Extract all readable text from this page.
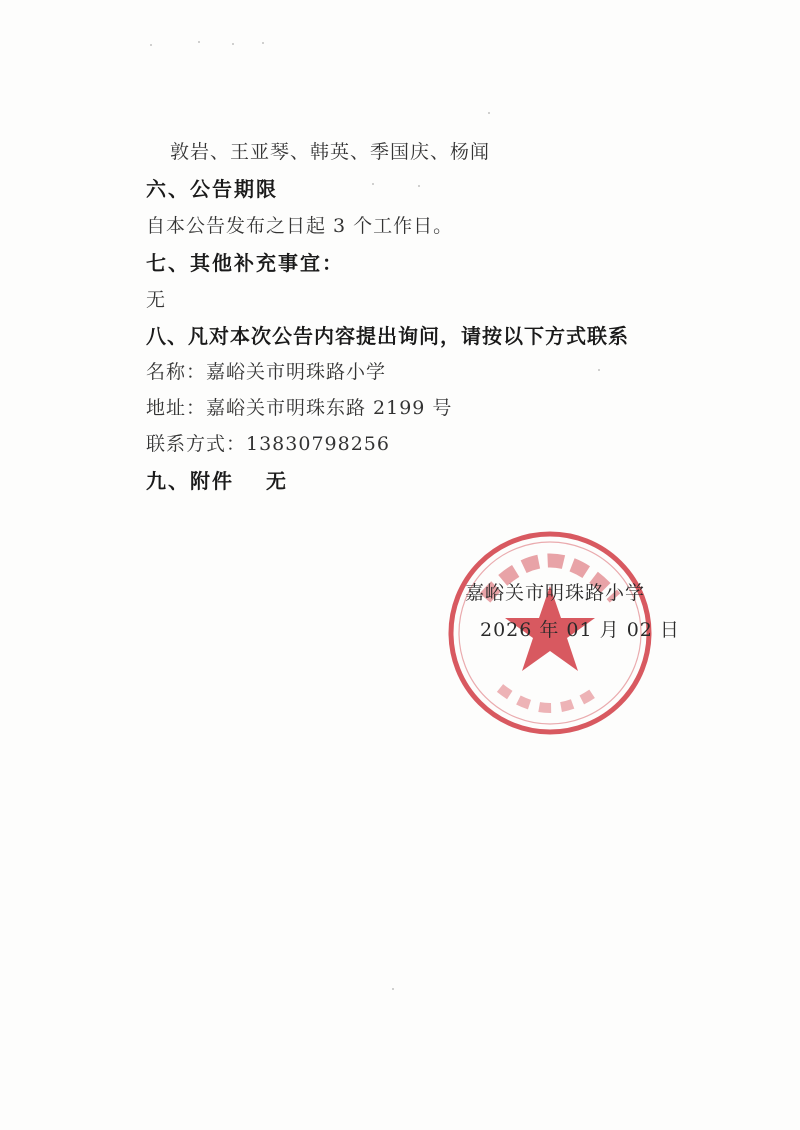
敦岩、王亚琴、韩英、季国庆、杨闻
六、公告期限
自本公告发布之日起 3 个工作日。
七、其他补充事宜：
无
八、凡对本次公告内容提出询问，请按以下方式联系
名称：嘉峪关市明珠路小学
地址：嘉峪关市明珠东路 2199 号
联系方式：13830798256
九、附件 无
嘉峪关市明珠路小学
2026 年 01 月 02 日
